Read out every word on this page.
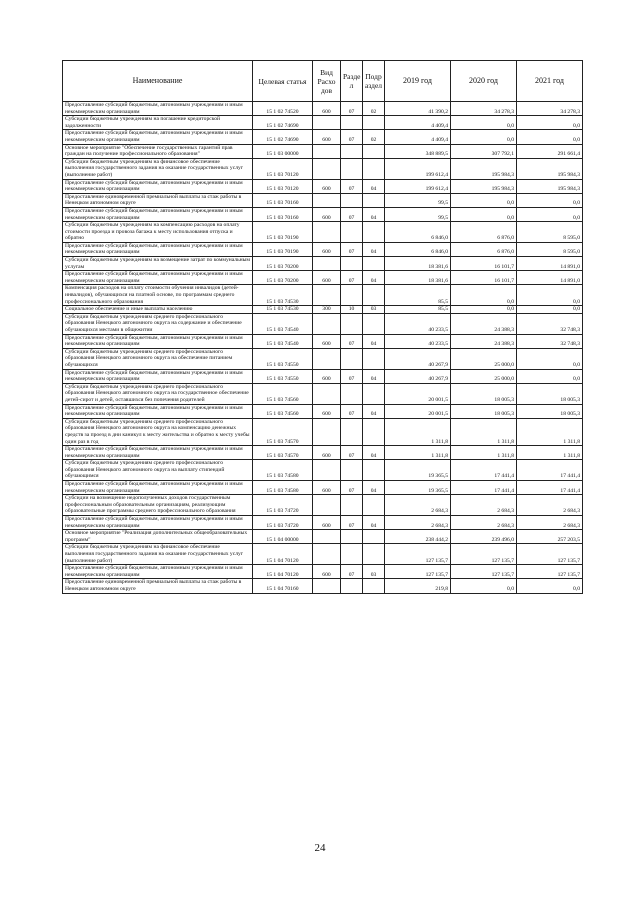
Наименование	Целевая статья	Вид Расхо дов	Разде л	Подр аздел	2019 год	2020 год	2021 год
Предоставление субсидий бюджетным, автономным учреждениям и иным некоммерческим организациям	15 1 02 74520	600	07	02	41 390,2	34 278,3	34 278,3
Субсидии бюджетным учреждениям на погашение кредиторской задолженности	15 1 02 74690				4 409,4	0,0	0,0
Предоставление субсидий бюджетным, автономным учреждениям и иным некоммерческим организациям	15 1 02 74690	600	07	02	4 409,4	0,0	0,0
Основное мероприятие "Обеспечение государственных гарантий прав граждан на получение профессионального образования"	15 1 03 00000				348 889,5	307 792,1	291 661,4
Субсидии бюджетным учреждениям на финансовое обеспечение выполнения государственного задания на оказание государственных услуг (выполнение работ)	15 1 03 70120				199 612,4	195 984,3	195 984,3
Предоставление субсидий бюджетным, автономным учреждениям и иным некоммерческим организациям	15 1 03 70120	600	07	04	199 612,4	195 984,3	195 984,3
Предоставление единовременной премиальной выплаты за стаж работы в Ненецком автономном округе	15 1 03 70160				99,5	0,0	0,0
Предоставление субсидий бюджетным, автономным учреждениям и иным некоммерческим организациям	15 1 03 70160	600	07	04	99,5	0,0	0,0
Субсидии бюджетным учреждениям на компенсацию расходов на оплату стоимости проезда и провоза багажа к месту использования отпуска и обратно	15 1 03 70190				6 846,0	6 876,0	8 595,0
Предоставление субсидий бюджетным, автономным учреждениям и иным некоммерческим организациям	15 1 03 70190	600	07	04	6 846,0	6 876,0	8 595,0
Субсидии бюджетным учреждениям на возмещение затрат по коммунальным услугам	15 1 03 70200				18 381,6	16 101,7	14 891,0
Предоставление субсидий бюджетным, автономным учреждениям и иным некоммерческим организациям	15 1 03 70200	600	07	04	18 381,6	16 101,7	14 891,0
Компенсация расходов на оплату стоимости обучения инвалидов (детей-инвалидов), обучающихся на платной основе, по программам среднего профессионального образования	15 1 03 74530				85,5	0,0	0,0
Социальное обеспечение и иные выплаты населению	15 1 03 74530	300	10	03	85,5	0,0	0,0
Субсидии бюджетным учреждениям среднего профессионального образования Ненецкого автономного округа на содержание и обеспечение обучающихся местами в общежитии	15 1 03 74540				40 233,5	24 388,3	32 748,3
Предоставление субсидий бюджетным, автономным учреждениям и иным некоммерческим организациям	15 1 03 74540	600	07	04	40 233,5	24 388,3	32 748,3
Субсидии бюджетным учреждениям среднего профессионального образования Ненецкого автономного округа на обеспечение питанием обучающихся	15 1 03 74550				40 267,9	25 000,0	0,0
Предоставление субсидий бюджетным, автономным учреждениям и иным некоммерческим организациям	15 1 03 74550	600	07	04	40 267,9	25 000,0	0,0
Субсидии бюджетным учреждениям среднего профессионального образования Ненецкого автономного округа на государственное обеспечение детей-сирот и детей, оставшихся без попечения родителей	15 1 03 74560				20 001,5	18 005,3	18 005,3
Предоставление субсидий бюджетным, автономным учреждениям и иным некоммерческим организациям	15 1 03 74560	600	07	04	20 001,5	18 005,3	18 005,3
Субсидии бюджетным учреждениям среднего профессионального образования Ненецкого автономного округа на компенсацию денежных средств за проезд в дни каникул к месту жительства и обратно к месту учебы один раз в год	15 1 03 74570				1 311,8	1 311,8	1 311,8
Предоставление субсидий бюджетным, автономным учреждениям и иным некоммерческим организациям	15 1 03 74570	600	07	04	1 311,8	1 311,8	1 311,8
Субсидии бюджетным учреждениям среднего профессионального образования Ненецкого автономного округа на выплату стипендий обучающимся	15 1 03 74580				19 365,5	17 441,4	17 441,4
Предоставление субсидий бюджетным, автономным учреждениям и иным некоммерческим организациям	15 1 03 74580	600	07	04	19 365,5	17 441,4	17 441,4
Субсидии на возмещение недополученных доходов государственным профессиональным образовательным организациям, реализующим образовательные программы среднего профессионального образования	15 1 03 74720				2 684,3	2 684,3	2 684,3
Предоставление субсидий бюджетным, автономным учреждениям и иным некоммерческим организациям	15 1 03 74720	600	07	04	2 684,3	2 684,3	2 684,3
Основное мероприятие "Реализация дополнительных общеобразовательных программ"	15 1 04 00000				238 444,2	239 496,0	257 203,5
Субсидии бюджетным учреждениям на финансовое обеспечение выполнения государственного задания на оказание государственных услуг (выполнение работ)	15 1 04 70120				127 135,7	127 135,7	127 135,7
Предоставление субсидий бюджетным, автономным учреждениям и иным некоммерческим организациям	15 1 04 70120	600	07	03	127 135,7	127 135,7	127 135,7
Предоставление единовременной премиальной выплаты за стаж работы в Ненецком автономном округе	15 1 04 70160				219,8	0,0	0,0
24
